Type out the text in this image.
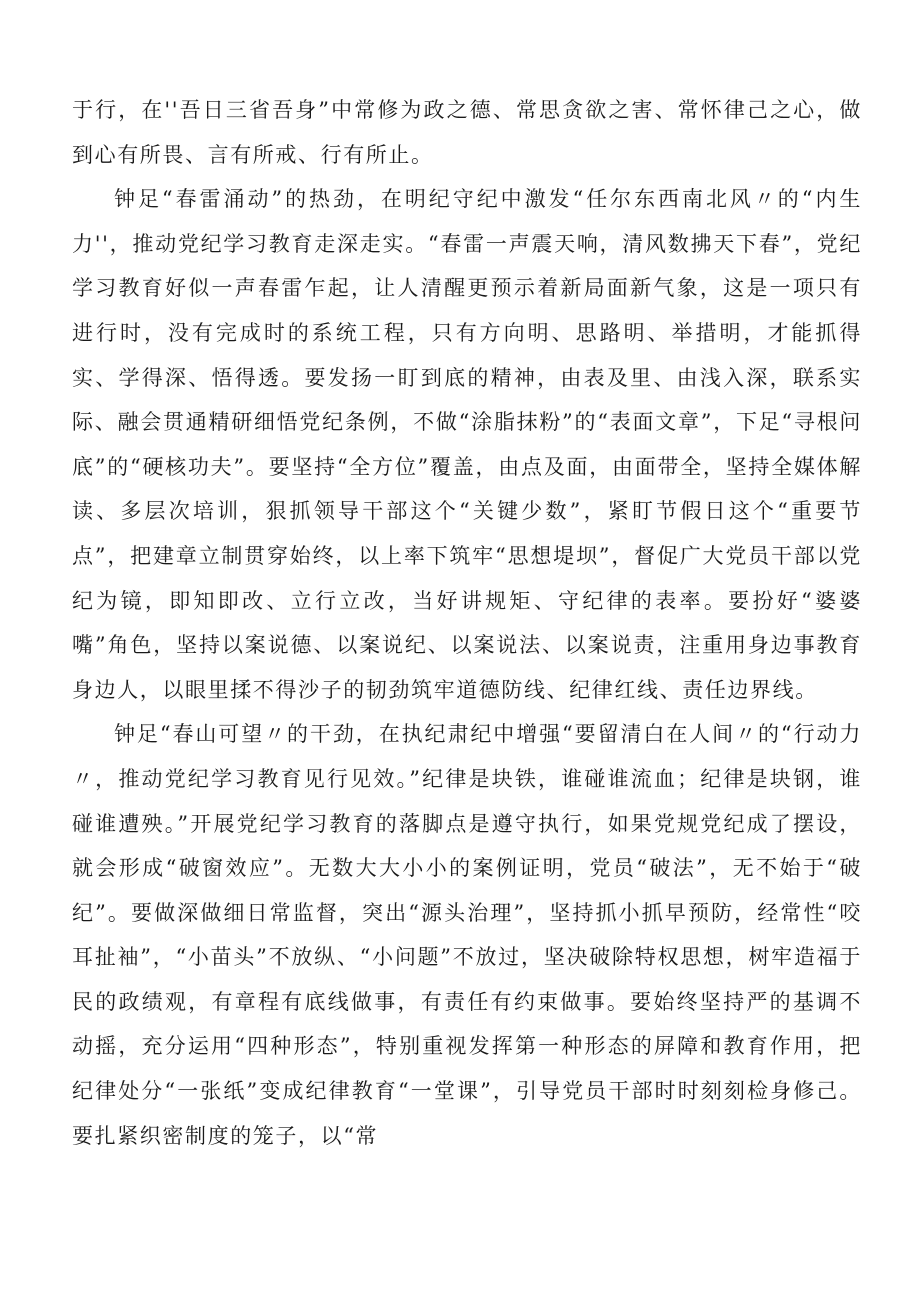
于行，在''吾日三省吾身”中常修为政之德、常思贪欲之害、常怀律己之心，做到心有所畏、言有所戒、行有所止。

钟足“春雷涌动”的热劲，在明纪守纪中激发“任尔东西南北风〃的“内生力''，推动党纪学习教育走深走实。“春雷一声震天响，清风数拂天下春”，党纪学习教育好似一声春雷乍起，让人清醒更预示着新局面新气象，这是一项只有进行时，没有完成时的系统工程，只有方向明、思路明、举措明，才能抓得实、学得深、悟得透。要发扬一盯到底的精神，由表及里、由浅入深，联系实际、融会贯通精研细悟党纪条例，不做“涂脂抹粉”的“表面文章”，下足“寻根问底”的“硬核功夫”。要坚持“全方位”覆盖，由点及面，由面带全，坚持全媒体解读、多层次培训，狠抓领导干部这个“关键少数”，紧盯节假日这个“重要节点”，把建章立制贯穿始终，以上率下筑牢“思想堤坝”，督促广大党员干部以党纪为镜，即知即改、立行立改，当好讲规矩、守纪律的表率。要扮好“婆婆嘴”角色，坚持以案说德、以案说纪、以案说法、以案说责，注重用身边事教育身边人，以眼里揉不得沙子的韧劲筑牢道德防线、纪律红线、责任边界线。

钟足“春山可望〃的干劲，在执纪肃纪中增强“要留清白在人间〃的“行动力〃，推动党纪学习教育见行见效。”纪律是块铁，谁碰谁流血；纪律是块钢，谁碰谁遭殃。”开展党纪学习教育的落脚点是遵守执行，如果党规党纪成了摆设，就会形成“破窗效应”。无数大大小小的案例证明，党员“破法”，无不始于“破纪”。要做深做细日常监督，突出“源头治理”，坚持抓小抓早预防，经常性“咬耳扯袖”，“小苗头”不放纵、“小问题”不放过，坚决破除特权思想，树牢造福于民的政绩观，有章程有底线做事，有责任有约束做事。要始终坚持严的基调不动摇，充分运用“四种形态”，特别重视发挥第一种形态的屏障和教育作用，把纪律处分“一张纸”变成纪律教育“一堂课”，引导党员干部时时刻刻检身修己。要扎紧织密制度的笼子，以“常
